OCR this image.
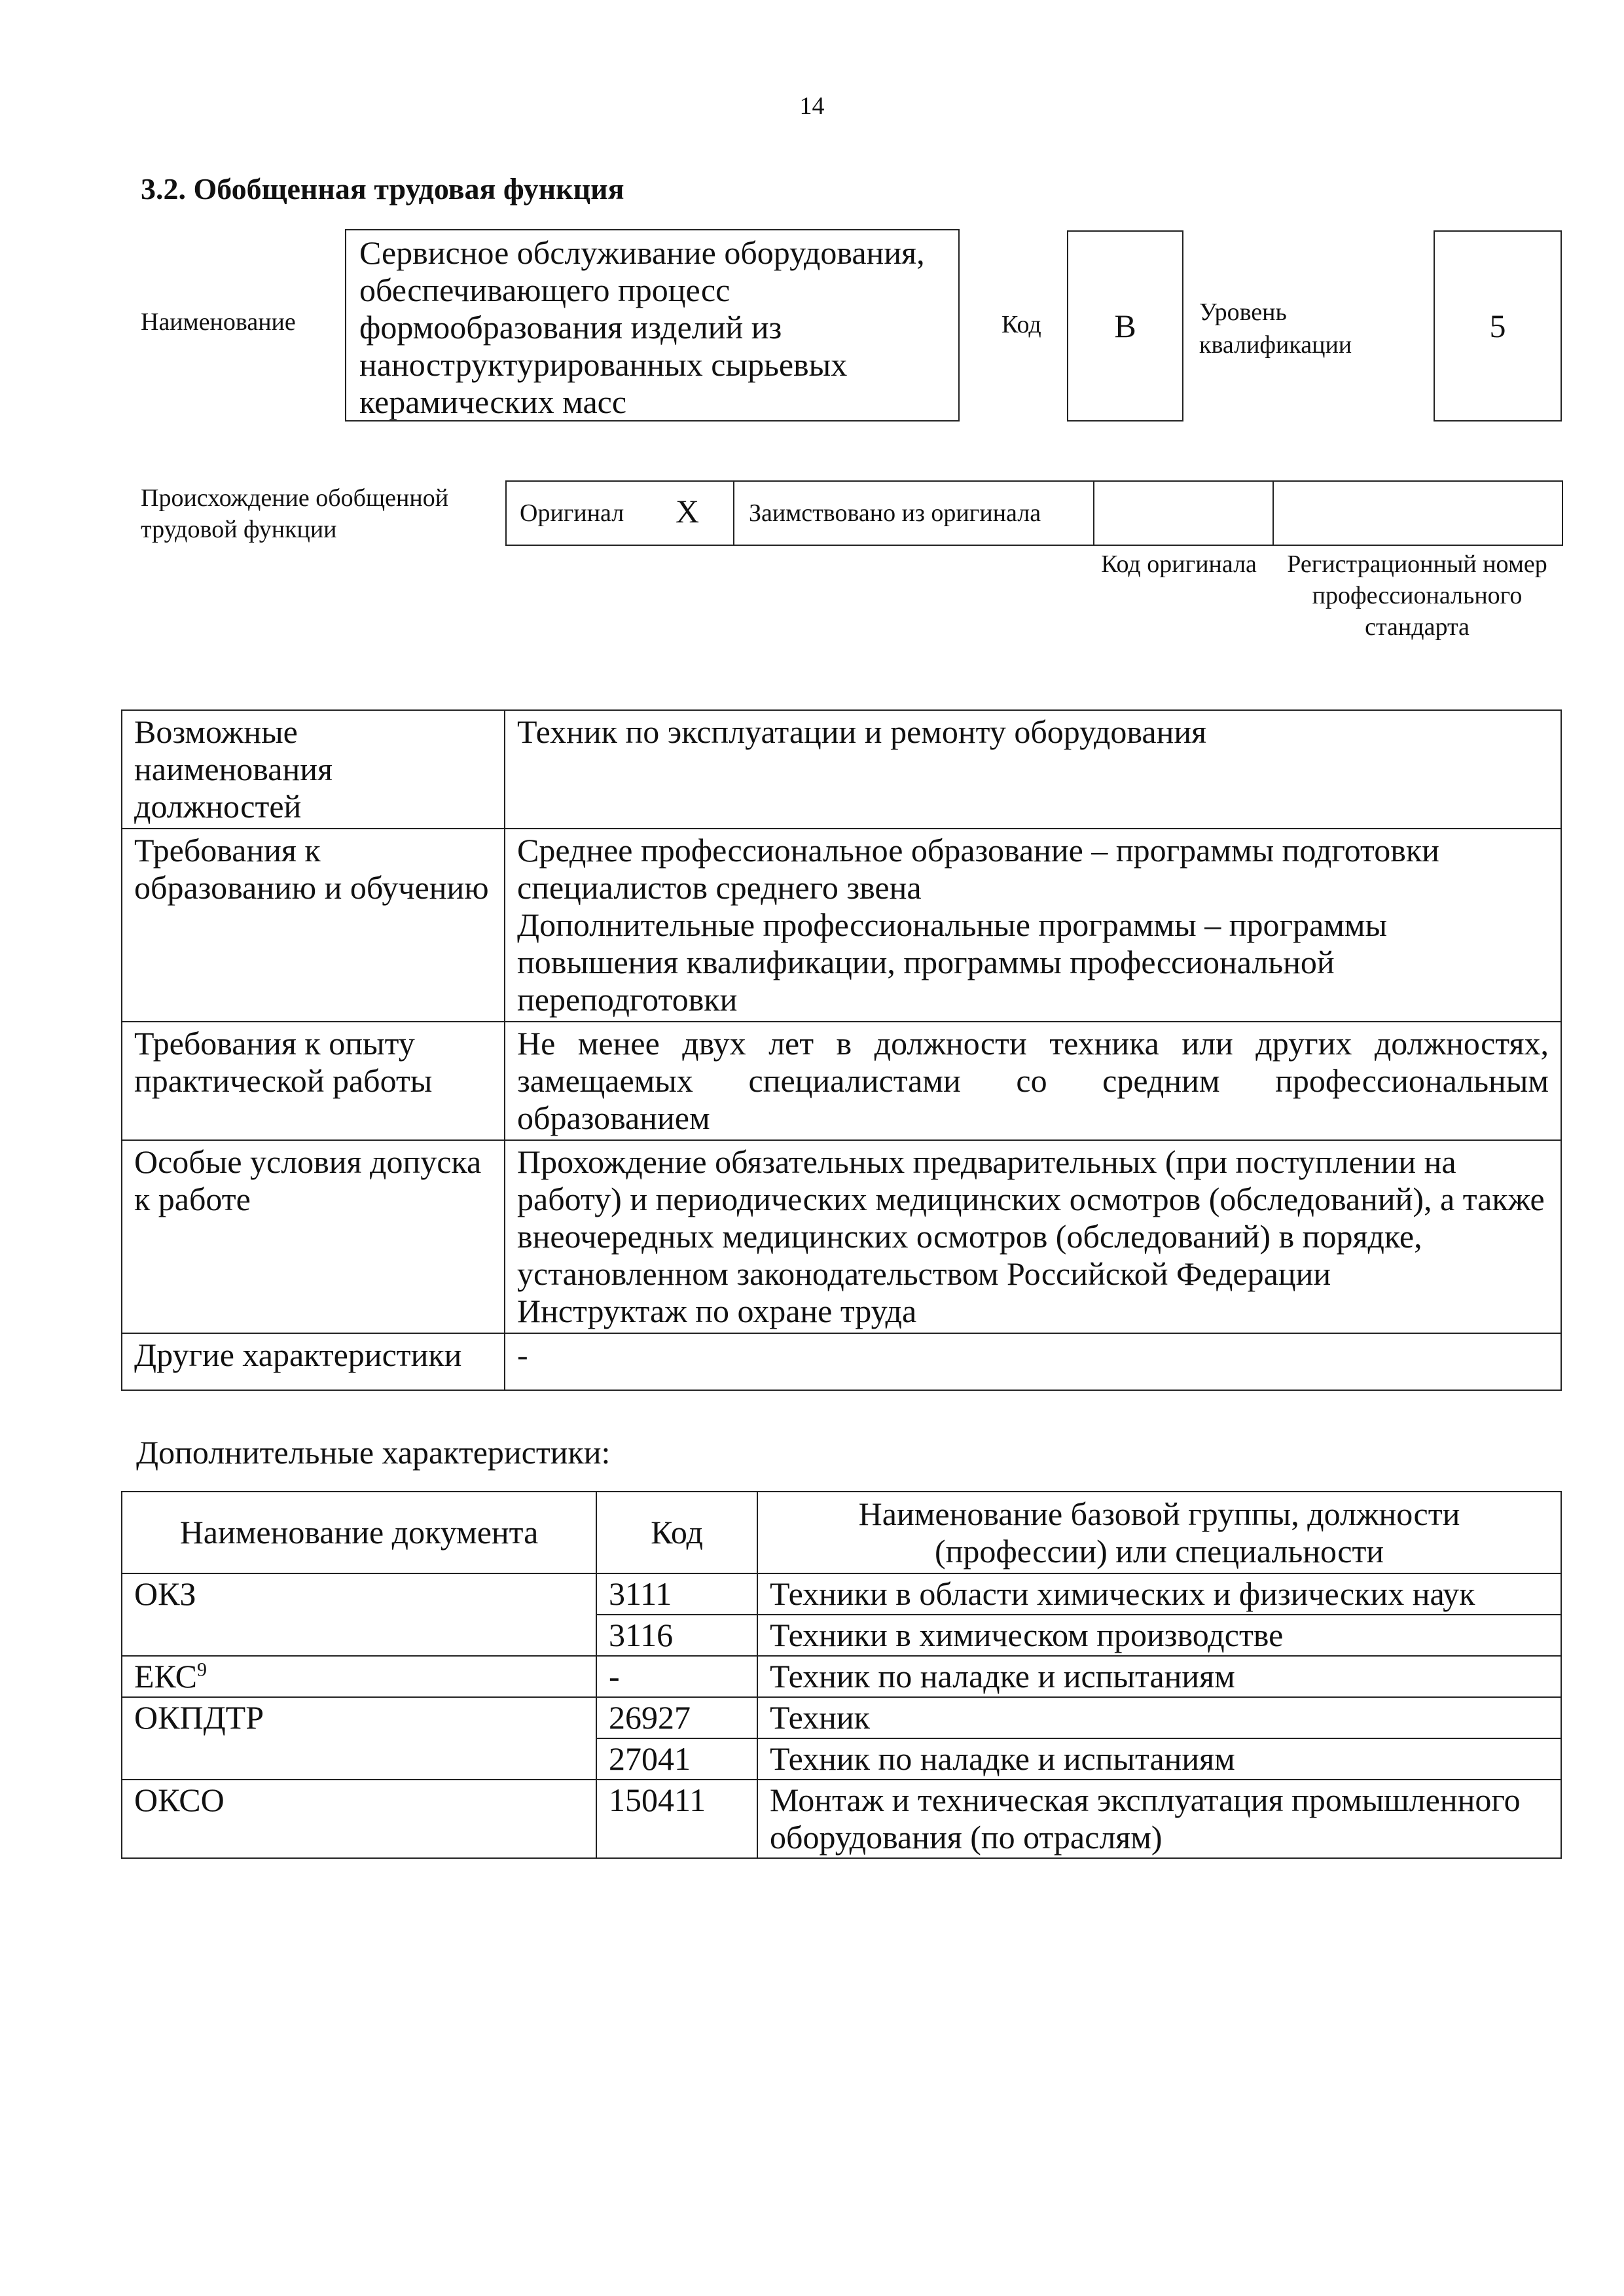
14
3.2. Обобщенная трудовая функция
Наименование
Сервисное обслуживание оборудования, обеспечивающего процесс формообразования изделий из наноструктурированных сырьевых керамических масс
Код B	Уровень квалификации
5
Происхождение обобщенной трудовой функции
Оригинал X Заимствовано из оригинала
Код оригинала	Регистрационный номер профессионального стандарта
Возможные наименования должностей	Техник по эксплуатации и ремонту оборудования
Требования к образованию и обучению	Среднее профессиональное образование – программы подготовки специалистов среднего звена
Дополнительные профессиональные программы – программы повышения квалификации, программы профессиональной переподготовки

Требования к опыту практической работы	Не менее двух лет в должности техника или других должностях, замещаемых специалистами со средним профессиональным образованием

Особые условия допуска к работе	Прохождение обязательных предварительных (при поступлении на работу) и периодических медицинских осмотров (обследований), а также внеочередных медицинских осмотров (обследований) в порядке, установленном законодательством Российской Федерации
Инструктаж по охране труда

Другие характеристики	-
Дополнительные характеристики:
Наименование документа	Код	Наименование базовой группы, должности (профессии) или специальности
ОКЗ	3111	Техники в области химических и физических наук
	3116	Техники в химическом производстве
ЕКС$^9$	-	Техник по наладке и испытаниям
ОКПДТР	26927	Техник
	27041	Техник по наладке и испытаниям
ОКСО	150411	Монтаж и техническая эксплуатация промышленного оборудования (по отраслям)
